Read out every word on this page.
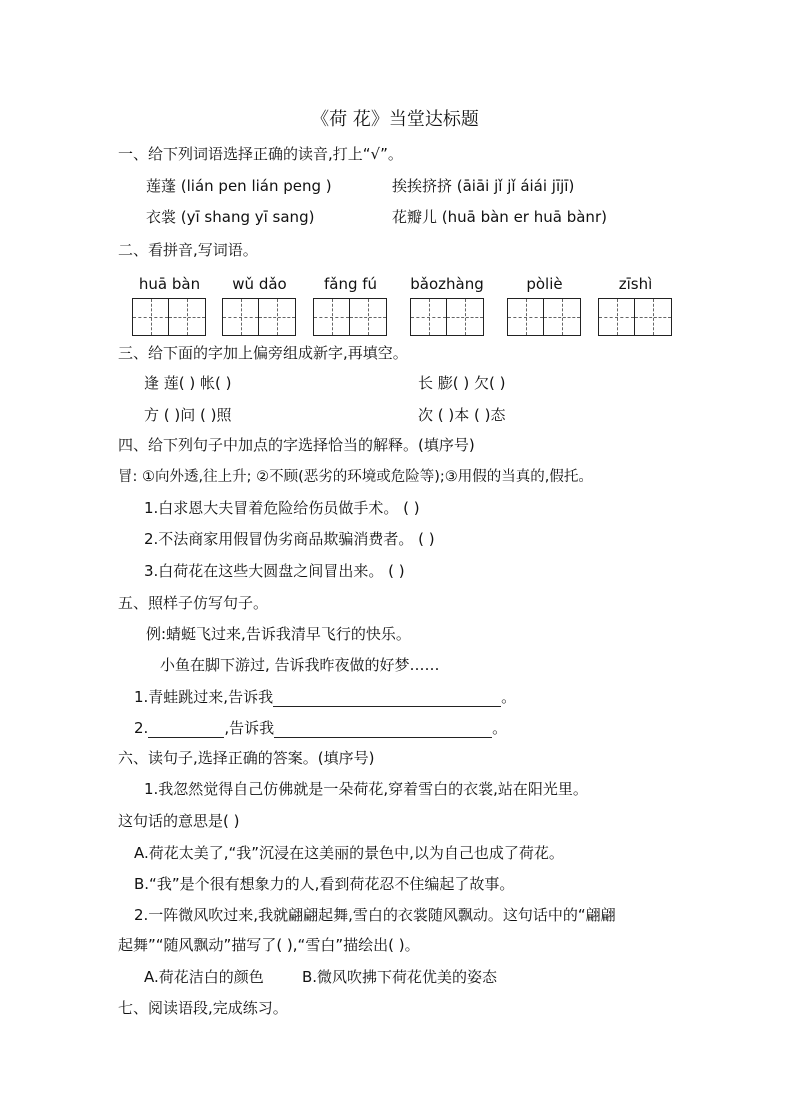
《荷 花》当堂达标题
一、给下列词语选择正确的读音,打上“√”。
莲蓬 (lián pen lián peng )	挨挨挤挤 (āiāi jǐ jǐ áiái jījī)
衣裳 (yī shang yī sang)	花瓣儿 (huā bàn er huā bànr)
二、看拼音,写词语。
huā bàn	wǔ dǎo	fǎng fú	bǎozhàng	pòliè	zīshì
三、给下面的字加上偏旁组成新字,再填空。
逢 莲( ) 帐( )	长 膨( ) 欠( )
方 ( )问 ( )照	次 ( )本 ( )态
四、给下列句子中加点的字选择恰当的解释。(填序号)
冒: ①向外透,往上升; ②不顾(恶劣的环境或危险等);③用假的当真的,假托。
1.白求恩大夫冒着危险给伤员做手术。 ( )
2.不法商家用假冒伪劣商品欺骗消费者。 ( )
3.白荷花在这些大圆盘之间冒出来。 ( )
五、照样子仿写句子。
例:蜻蜓飞过来,告诉我清早飞行的快乐。
小鱼在脚下游过, 告诉我昨夜做的好梦……
1.青蛙跳过来,告诉我	。
2.	,告诉我	。
六、读句子,选择正确的答案。(填序号)
1.我忽然觉得自己仿佛就是一朵荷花,穿着雪白的衣裳,站在阳光里。
这句话的意思是( )
A.荷花太美了,“我”沉浸在这美丽的景色中,以为自己也成了荷花。
B.“我”是个很有想象力的人,看到荷花忍不住编起了故事。
2.一阵微风吹过来,我就翩翩起舞,雪白的衣裳随风飘动。这句话中的“翩翩
起舞”“随风飘动”描写了( ),“雪白”描绘出( )。
A.荷花洁白的颜色	B.微风吹拂下荷花优美的姿态
七、阅读语段,完成练习。
